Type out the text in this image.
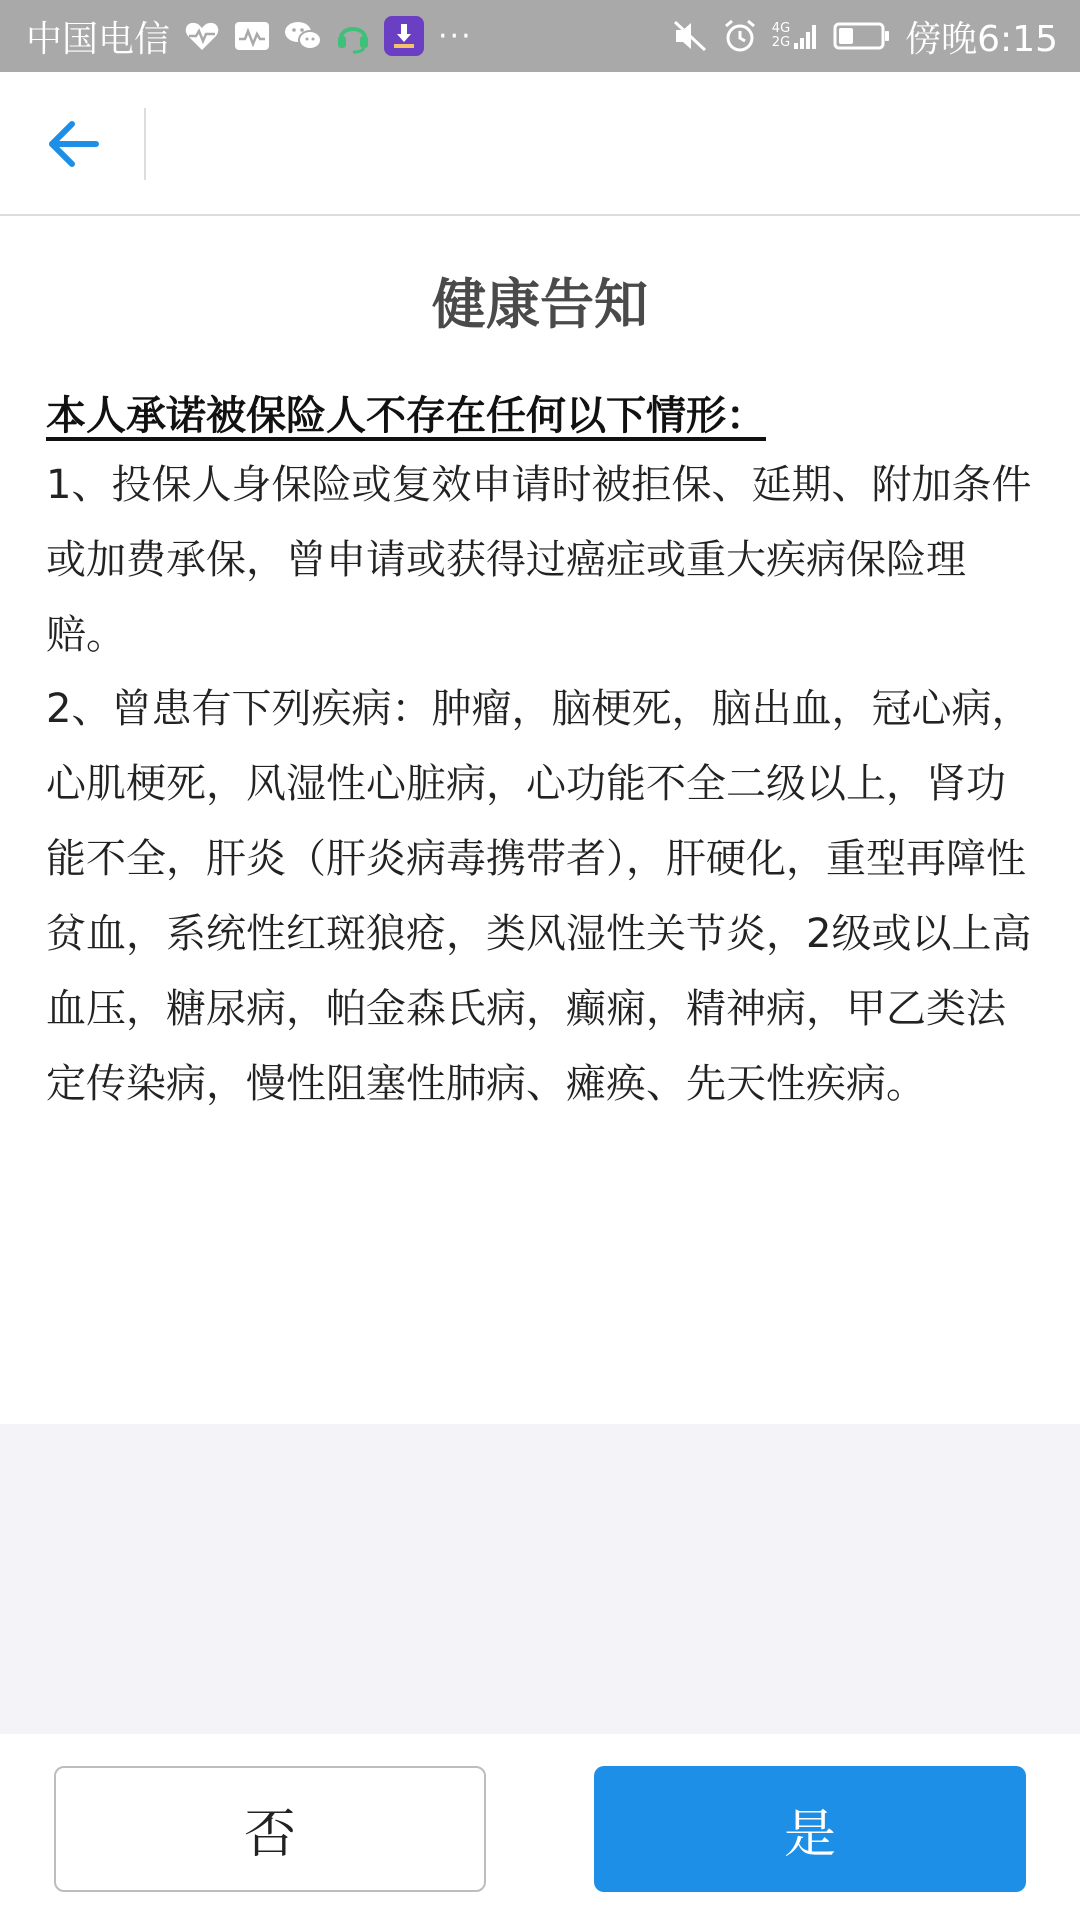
中国电信	···	4G
2G	傍晚6:15
健康告知
本人承诺被保险人不存在任何以下情形：
1、投保人身保险或复效申请时被拒保、延期、附加条件或加费承保，曾申请或获得过癌症或重大疾病保险理赔。
2、曾患有下列疾病：肿瘤，脑梗死，脑出血，冠心病，心肌梗死，风湿性心脏病，心功能不全二级以上，肾功能不全，肝炎（肝炎病毒携带者），肝硬化，重型再障性贫血，系统性红斑狼疮，类风湿性关节炎，2级或以上高血压，糖尿病，帕金森氏病，癫痫，精神病，甲乙类法定传染病，慢性阻塞性肺病、瘫痪、先天性疾病。
否	是
